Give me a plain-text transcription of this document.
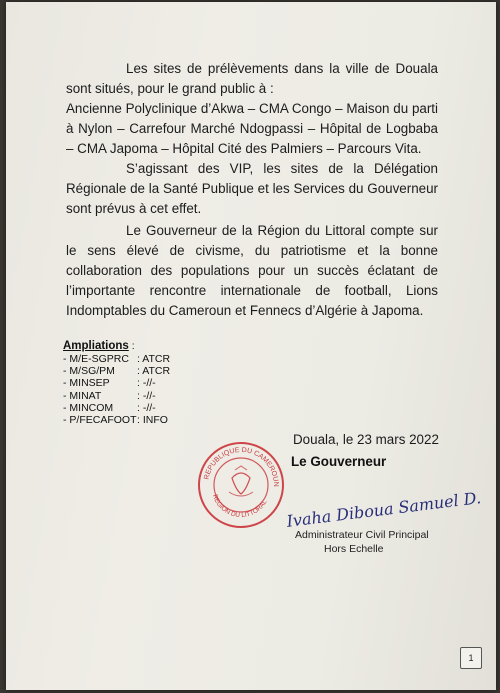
Les sites de prélèvements dans la ville de Douala sont situés, pour le grand public à :
Ancienne Polyclinique d’Akwa – CMA Congo – Maison du parti à Nylon – Carrefour Marché Ndogpassi – Hôpital de Logbaba – CMA Japoma – Hôpital Cité des Palmiers – Parcours Vita.
S’agissant des VIP, les sites de la Délégation Régionale de la Santé Publique et les Services du Gouverneur sont prévus à cet effet.
Le Gouverneur de la Région du Littoral compte sur le sens élevé de civisme, du patriotisme et la bonne collaboration des populations pour un succès éclatant de l’importante rencontre internationale de football, Lions Indomptables du Cameroun et Fennecs d’Algérie à Japoma.
Ampliations :
- M/E-SGPRC : ATCR
- M/SG/PM : ATCR
- MINSEP	: -//-
- MINAT	: -//-
- MINCOM : -//-
- P/FECAFOOT : INFO
Douala, le 23 mars 2022
Le Gouverneur
REPUBLIQUE DU CAMEROUN
REGION DU LITTORAL Ivaha Diboua Samuel D.
Administrateur Civil Principal
Hors Echelle
1
